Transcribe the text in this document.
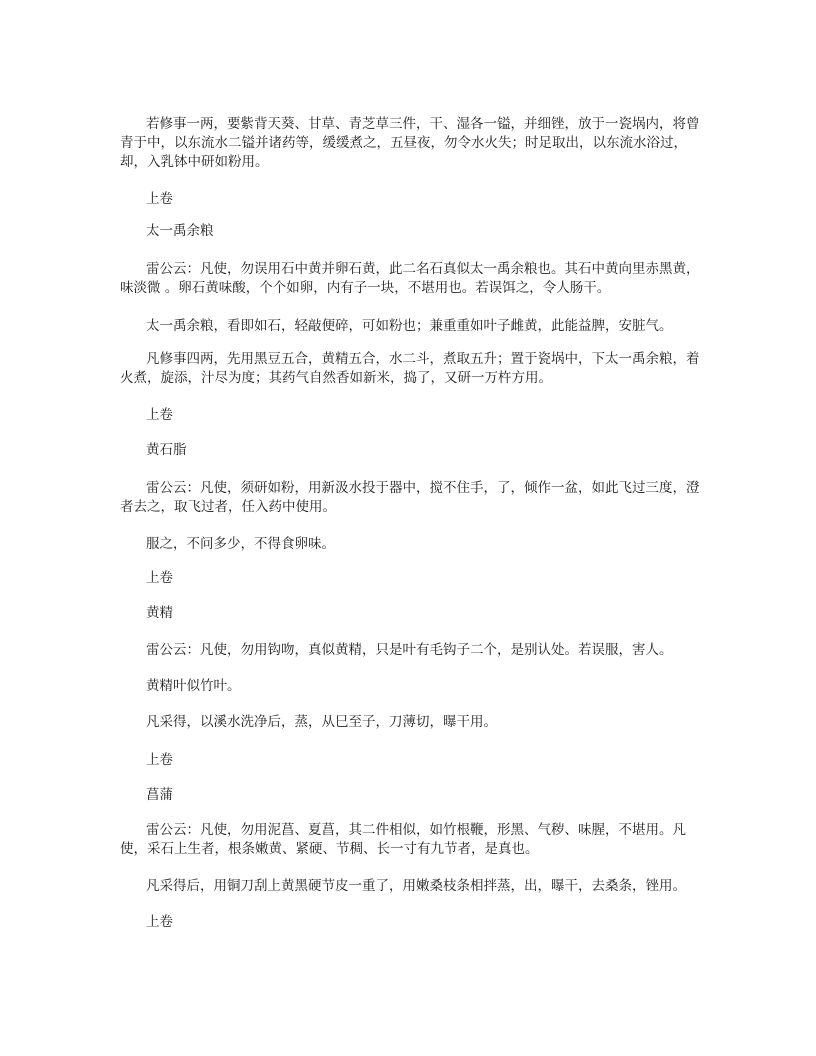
若修事一两，要紫背天葵、甘草、青芝草三件，干、湿各一镒，并细锉，放于一瓷埚内，将曾青于中，以东流水二镒并诸药等，缓缓煮之，五昼夜，勿令水火失；时足取出，以东流水浴过，却，入乳钵中研如粉用。

上卷

太一禹余粮

雷公云：凡使，勿误用石中黄并卵石黄，此二名石真似太一禹余粮也。其石中黄向里赤黑黄，味淡微 。卵石黄味酸，个个如卵，内有子一块，不堪用也。若误饵之，令人肠干。

太一禹余粮，看即如石，轻敲便碎，可如粉也；兼重重如叶子雌黄，此能益脾，安脏气。

凡修事四两，先用黑豆五合，黄精五合，水二斗，煮取五升；置于瓷埚中，下太一禹余粮，着火煮，旋添，汁尽为度；其药气自然香如新米，捣了，又研一万杵方用。

上卷

黄石脂

雷公云：凡使，须研如粉，用新汲水投于器中，搅不住手，了，倾作一盆，如此飞过三度，澄者去之，取飞过者，任入药中使用。

服之，不问多少，不得食卵味。

上卷

黄精

雷公云：凡使，勿用钩吻，真似黄精，只是叶有毛钩子二个，是别认处。若误服，害人。

黄精叶似竹叶。

凡采得，以溪水洗净后，蒸，从巳至子，刀薄切，曝干用。

上卷

菖蒲

雷公云：凡使，勿用泥菖、夏菖，其二件相似，如竹根鞭，形黑、气秽、味腥，不堪用。凡使，采石上生者，根条嫩黄、紧硬、节稠、长一寸有九节者，是真也。

凡采得后，用铜刀刮上黄黑硬节皮一重了，用嫩桑枝条相拌蒸，出，曝干，去桑条，锉用。

上卷
